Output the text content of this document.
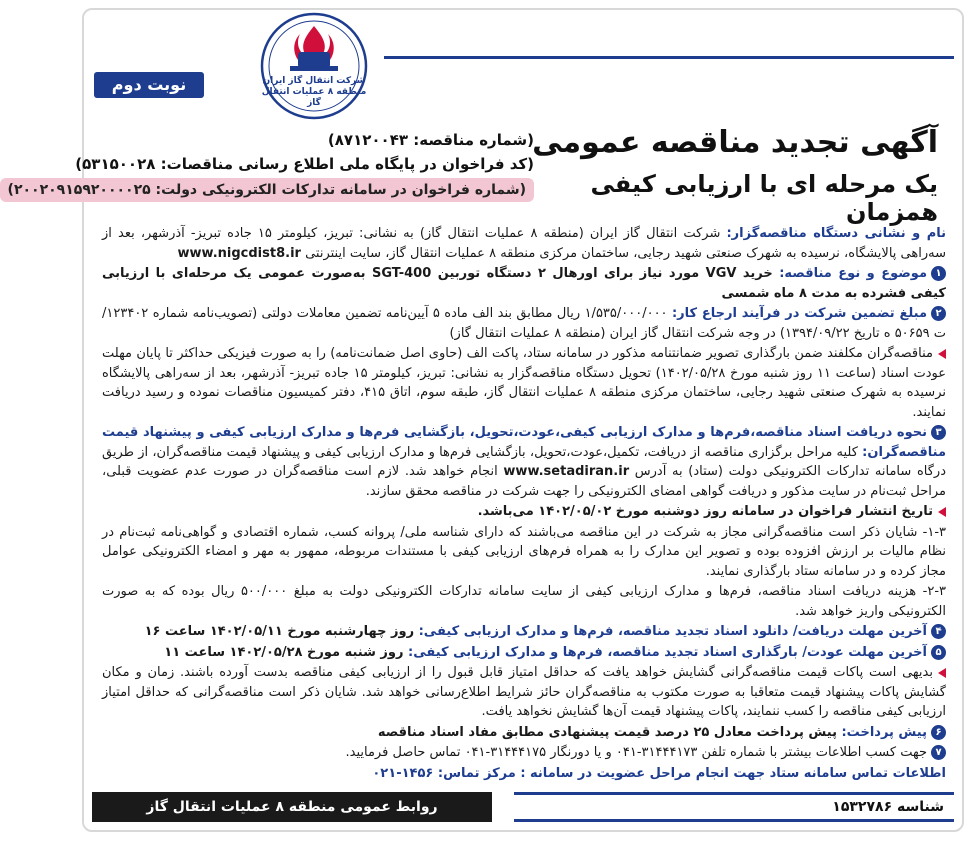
نوبت دوم	شرکت انتقال گاز ایران
منطقه ۸ عملیات انتقال گاز
آگهی تجدید مناقصه عمومی
یک مرحله ای با ارزیابی کیفی همزمان
(شماره مناقصه: ۸۷۱۲۰۰۴۳)
(کد فراخوان در پایگاه ملی اطلاع رسانی مناقصات: ۵۳۱۵۰۰۲۸)
(شماره فراخوان در سامانه تدارکات الکترونیکی دولت: ۲۰۰۲۰۹۱۵۹۲۰۰۰۰۲۵)

نام و نشانی دستگاه مناقصه‌گزار: شرکت انتقال گاز ایران (منطقه ۸ عملیات انتقال گاز) به نشانی: تبریز، کیلومتر ۱۵ جاده تبریز- آذرشهر، بعد از سه‌راهی پالایشگاه، نرسیده به شهرک صنعتی شهید رجایی، ساختمان مرکزی منطقه ۸ عملیات انتقال گاز، سایت اینترنتی www.nigcdist8.ir

۱موضوع و نوع مناقصه: خرید VGV مورد نیاز برای اورهال ۲ دستگاه توربین SGT-400 به‌صورت عمومی یک مرحله‌ای با ارزیابی کیفی فشرده به مدت ۸ ماه شمسی

۲مبلغ تضمین شرکت در فرآیند ارجاع کار: ۱/۵۳۵/۰۰۰/۰۰۰ ریال مطابق بند الف ماده ۵ آیین‌نامه تضمین معاملات دولتی (تصویب‌نامه شماره ۱۲۳۴۰۲/ت ۵۰۶۵۹ ه تاریخ ۱۳۹۴/۰۹/۲۲) در وجه شرکت انتقال گاز ایران (منطقه ۸ عملیات انتقال گاز)

مناقصه‌گران مکلفند ضمن بارگذاری تصویر ضمانتنامه مذکور در سامانه ستاد، پاکت الف (حاوی اصل ضمانت‌نامه) را به صورت فیزیکی حداکثر تا پایان مهلت عودت اسناد (ساعت ۱۱ روز شنبه مورخ ۱۴۰۲/۰۵/۲۸) تحویل دستگاه مناقصه‌گزار به نشانی: تبریز، کیلومتر ۱۵ جاده تبریز- آذرشهر، بعد از سه‌راهی پالایشگاه نرسیده به شهرک صنعتی شهید رجایی، ساختمان مرکزی منطقه ۸ عملیات انتقال گاز، طبقه سوم، اتاق ۴۱۵، دفتر کمیسیون مناقصات نموده و رسید دریافت نمایند.

۳نحوه دریافت اسناد مناقصه،فرم‌ها و مدارک ارزیابی کیفی،عودت،تحویل، بازگشایی فرم‌ها و مدارک ارزیابی کیفی و پیشنهاد قیمت مناقصه‌گران: کلیه مراحل برگزاری مناقصه از دریافت، تکمیل،عودت،تحویل، بازگشایی فرم‌ها و مدارک ارزیابی کیفی و پیشنهاد قیمت مناقصه‌گران، از طریق درگاه سامانه تدارکات الکترونیکی دولت (ستاد) به آدرس www.setadiran.ir انجام خواهد شد. لازم است مناقصه‌گران در صورت عدم عضویت قبلی، مراحل ثبت‌نام در سایت مذکور و دریافت گواهی امضای الکترونیکی را جهت شرکت در مناقصه محقق سازند.

تاریخ انتشار فراخوان در سامانه روز دوشنبه مورخ ۱۴۰۲/۰۵/۰۲ می‌باشد.

۱-۳- شایان ذکر است مناقصه‌گرانی مجاز به شرکت در این مناقصه می‌باشند که دارای شناسه ملی/ پروانه کسب، شماره اقتصادی و گواهی‌نامه ثبت‌نام در نظام مالیات بر ارزش افزوده بوده و تصویر این مدارک را به همراه فرم‌های ارزیابی کیفی با مستندات مربوطه، ممهور به مهر و امضاء الکترونیکی عوامل مجاز کرده و در سامانه ستاد بارگذاری نمایند.

۲-۳- هزینه دریافت اسناد مناقصه، فرم‌ها و مدارک ارزیابی کیفی از سایت سامانه تدارکات الکترونیکی دولت به مبلغ ۵۰۰/۰۰۰ ریال بوده که به صورت الکترونیکی واریز خواهد شد.

۴آخرین مهلت دریافت/ دانلود اسناد تجدید مناقصه، فرم‌ها و مدارک ارزیابی کیفی: روز چهارشنبه مورخ ۱۴۰۲/۰۵/۱۱ ساعت ۱۶

۵آخرین مهلت عودت/ بارگذاری اسناد تجدید مناقصه، فرم‌ها و مدارک ارزیابی کیفی: روز شنبه مورخ ۱۴۰۲/۰۵/۲۸ ساعت ۱۱

بدیهی است پاکات قیمت مناقصه‌گرانی گشایش خواهد یافت که حداقل امتیاز قابل قبول را از ارزیابی کیفی مناقصه بدست آورده باشند. زمان و مکان گشایش پاکات پیشنهاد قیمت متعاقبا به صورت مکتوب به مناقصه‌گران حائز شرایط اطلاع‌رسانی خواهد شد. شایان ذکر است مناقصه‌گرانی که حداقل امتیاز ارزیابی کیفی مناقصه را کسب ننمایند، پاکات پیشنهاد قیمت آن‌ها گشایش نخواهد یافت.

۶پیش پرداخت: پیش پرداخت معادل ۲۵ درصد قیمت پیشنهادی مطابق مفاد اسناد مناقصه

۷جهت کسب اطلاعات بیشتر با شماره تلفن ۳۱۴۴۴۱۷۳-۰۴۱ و یا دورنگار ۳۱۴۴۴۱۷۵-۰۴۱ تماس حاصل فرمایید.

اطلاعات تماس سامانه ستاد جهت انجام مراحل عضویت در سامانه : مرکز تماس: ۱۴۵۶-۰۲۱

شناسه ۱۵۳۲۷۸۶
روابط عمومی منطقه ۸ عملیات انتقال گاز
